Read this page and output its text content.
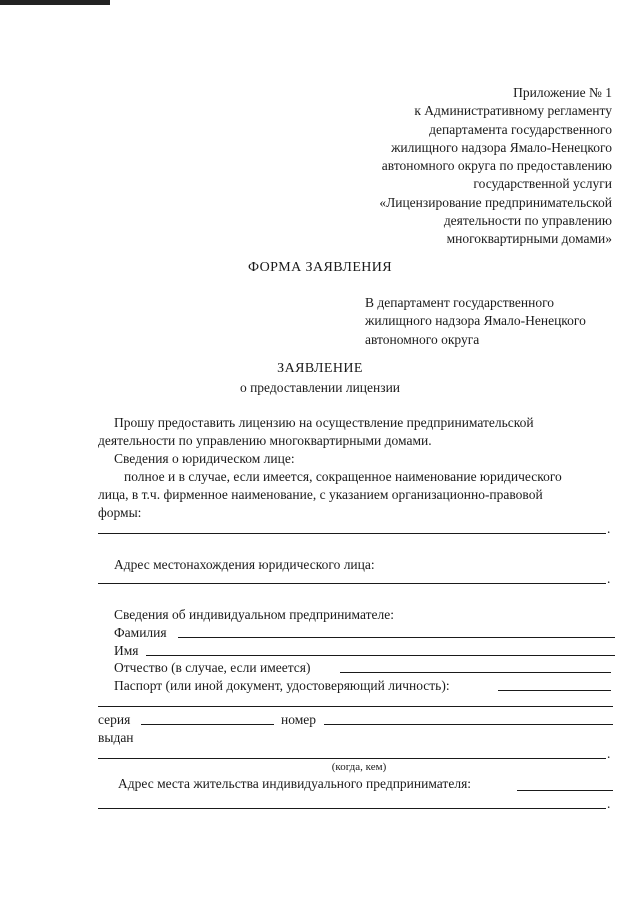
Приложение № 1
к Административному регламенту
департамента государственного
жилищного надзора Ямало-Ненецкого
автономного округа по предоставлению
государственной услуги
«Лицензирование предпринимательской
деятельности по управлению
многоквартирными домами»
ФОРМА ЗАЯВЛЕНИЯ
В департамент государственного
жилищного надзора Ямало-Ненецкого
автономного округа
ЗАЯВЛЕНИЕ
о предоставлении лицензии
Прошу предоставить лицензию на осуществление предпринимательской
деятельности по управлению многоквартирными домами.
Сведения о юридическом лице:
полное и в случае, если имеется, сокращенное наименование юридического
лица, в т.ч. фирменное наименование, с указанием организационно-правовой
формы:
.
Адрес местонахождения юридического лица:
.
Сведения об индивидуальном предпринимателе:
Фамилия
Имя
Отчество (в случае, если имеется)
Паспорт (или иной документ, удостоверяющий личность):
серия	номер
выдан
.
(когда, кем)
Адрес места жительства индивидуального предпринимателя:
.
